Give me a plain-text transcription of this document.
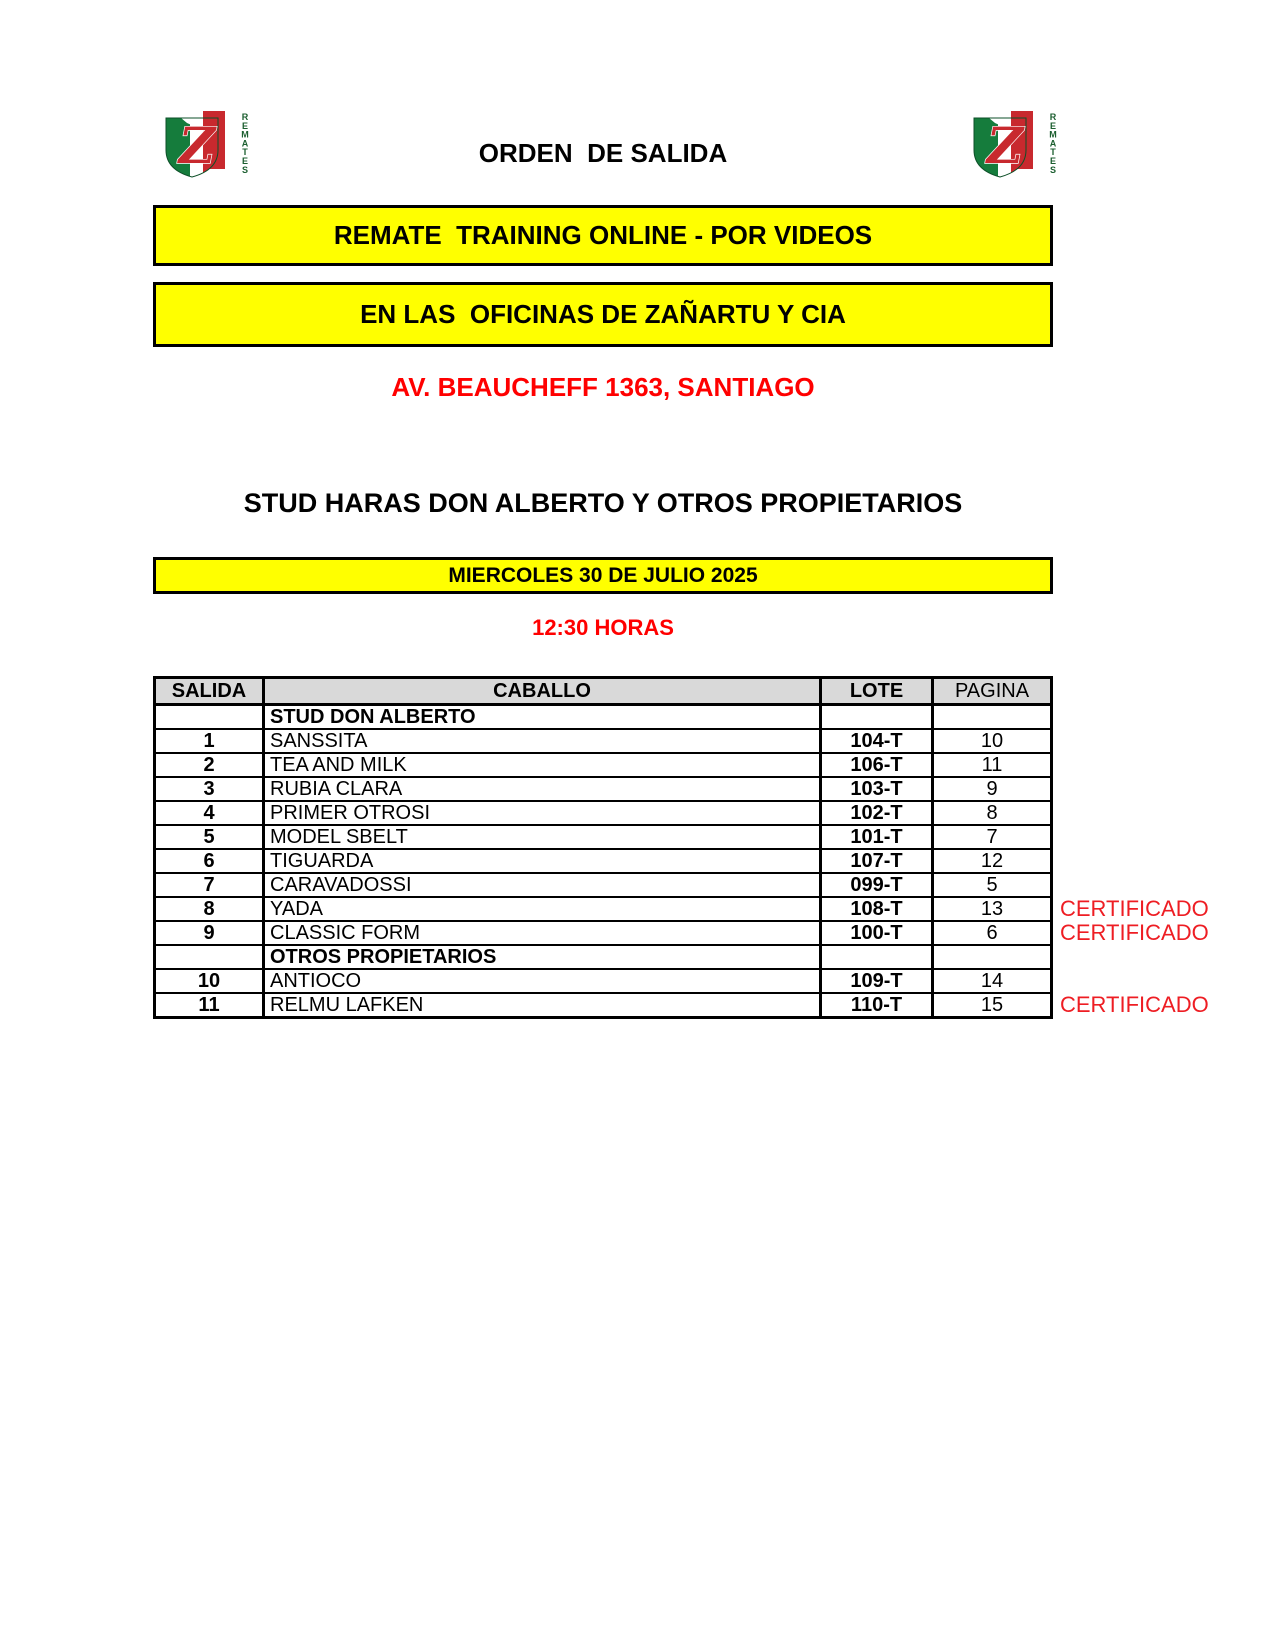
Z	R
E
M
A
T
E
S	Z	R
E
M
A
T
E
S
ORDEN  DE SALIDA
REMATE  TRAINING ONLINE - POR VIDEOS
EN LAS  OFICINAS DE ZAÑARTU Y CIA
AV. BEAUCHEFF 1363, SANTIAGO
STUD HARAS DON ALBERTO Y OTROS PROPIETARIOS
MIERCOLES 30 DE JULIO 2025
12:30 HORAS
SALIDA	CABALLO	LOTE	PAGINA
STUD DON ALBERTO
1	SANSSITA	104-T	10
2	TEA AND MILK	106-T	11
3	RUBIA CLARA	103-T	9
4	PRIMER OTROSI	102-T	8
5	MODEL SBELT	101-T	7
6	TIGUARDA	107-T	12
7	CARAVADOSSI	099-T	5
8	YADA	108-T	13	CERTIFICADO
9	CLASSIC FORM	100-T	6	CERTIFICADO
OTROS PROPIETARIOS
10	ANTIOCO	109-T	14
11	RELMU LAFKEN	110-T	15	CERTIFICADO
